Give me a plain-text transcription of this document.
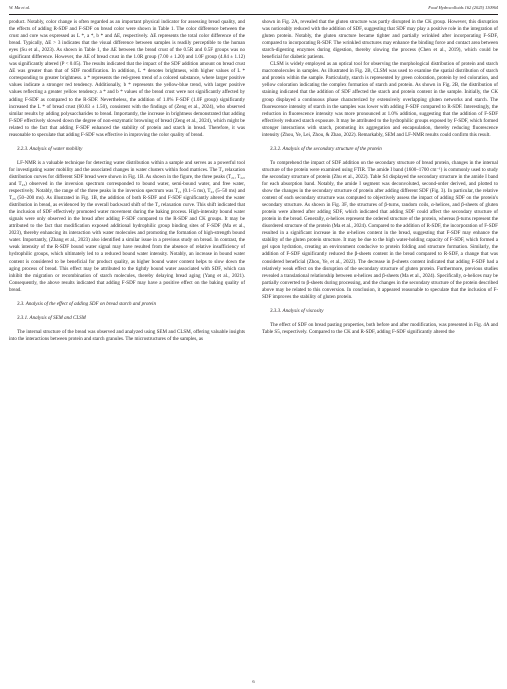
W. Ma et al.	Food Hydrocolloids 162 (2025) 110964

product. Notably, color change is often regarded as an important physical indicator for assessing bread quality, and the effects of adding R-SDF and F-SDF on bread color were shown in Table 1. The color difference between the crust and core was expressed as L *, a *, b * and ΔE, respectively. ΔE represents the total color difference of the bread. Typically, ΔE > 3 indicates that the visual difference between samples is readily perceptible to the human eyes (Su et al., 2023). As shown in Table 1, the ΔE between the bread crust of the 0.5R and 0.5F groups was no significant difference. However, the ΔE of bread crust in the 1.0R group (7.00 ± 1.20) and 1.0F group (4.84 ± 1.12) was significantly altered (P < 0.05). The results indicated that the impact of the SDF addition amount on bread crust ΔE was greater than that of SDF modification. In addition, L * denotes brightness, with higher values of L * corresponding to greater brightness. a * represents the red-green trend of a colored substance, where larger positive values indicate a stronger red tendency. Additionally, b * represents the yellow-blue trend, with larger positive values reflecting a greater yellow tendency. a * and b * values of the bread crust were not significantly affected by adding F-SDF as compared to the R-SDF. Nevertheless, the addition of 1.0% F-SDF (1.0F group) significantly increased the L * of bread crust (60.83 ± 1.50), consistent with the findings of (Zeng et al., 2024), who observed similar results by adding polysaccharides to bread. Importantly, the increase in brightness demonstrated that adding F-SDF effectively slowed down the degree of non-enzymatic browning of bread (Zeng et al., 2024), which might be related to the fact that adding F-SDF enhanced the stability of protein and starch in bread. Therefore, it was reasonable to speculate that adding F-SDF was effective in improving the color quality of bread.

3.2.3. Analysis of water mobility

LF-NMR is a valuable technique for detecting water distribution within a sample and serves as a powerful tool for investigating water mobility and the associated changes in water clusters within food matrices. The T₂ relaxation distribution curves for different SDF bread were shown in Fig. 1B. As shown in the figure, the three peaks (T₂₁, T₂₂, and T₂₃) observed in the inversion spectrum corresponded to bound water, semi-bound water, and free water, respectively. Notably, the range of the three peaks in the inversion spectrum was T₂₁ (0.1–5 ms), T₂₂ (5–50 ms) and T₂₃ (50–200 ms). As illustrated in Fig. 1B, the addition of both R-SDF and F-SDF significantly altered the water distribution in bread, as evidenced by the overall backward shift of the T₂ relaxation curve. This shift indicated that the inclusion of SDF effectively promoted water movement during the baking process. High-intensity bound water signals were only observed in the bread after adding F-SDF compared to the R-SDF and CK groups. It may be attributed to the fact that modification exposed additional hydrophilic group binding sites of F-SDF (Ma et al., 2023), thereby enhancing its interaction with water molecules and promoting the formation of high-strength bound water. Importantly, (Zhang et al., 2023) also identified a similar issue in a previous study on bread. In contrast, the weak intensity of the R-SDF bound water signal may have resulted from the absence of relative insufficiency of hydrophilic groups, which ultimately led to a reduced bound water intensity. Notably, an increase in bound water content is considered to be beneficial for product quality, as higher bound water content helps to slow down the aging process of bread. This effect may be attributed to the tightly bound water associated with SDF, which can inhibit the migration or recombination of starch molecules, thereby delaying bread aging (Yang et al., 2021). Consequently, the above results indicated that adding F-SDF may have a positive effect on the baking quality of bread.

3.3. Analysis of the effect of adding SDF on bread starch and protein

3.3.1. Analysis of SEM and CLSM

The internal structure of the bread was observed and analyzed using SEM and CLSM, offering valuable insights into the interactions between protein and starch granules. The microstructures of the samples, as

shown in Fig. 2A, revealed that the gluten structure was partly disrupted in the CK group. However, this disruption was noticeably reduced with the addition of SDF, suggesting that SDF may play a positive role in the integration of gluten protein. Notably, the gluten structure became tighter and partially wrinkled after incorporating F-SDF, compared to incorporating R-SDF. The wrinkled structures may enhance the binding force and contact area between starch-digesting enzymes during digestion, thereby slowing the process (Chen et al., 2019), which could be beneficial for diabetic patients.

CLSM is widely employed as an optical tool for observing the morphological distribution of protein and starch macromolecules in samples. As illustrated in Fig. 2B, CLSM was used to examine the spatial distribution of starch and protein within the sample. Particularly, starch is represented by green coloration, protein by red coloration, and yellow coloration indicating the complex formation of starch and protein. As shown in Fig. 2B, the distribution of staining indicated that the addition of SDF affected the starch and protein content in the sample. Initially, the CK group displayed a continuous phase characterized by extensively overlapping gluten networks and starch. The fluorescence intensity of starch in the samples was lower with adding F-SDF compared to R-SDF. Interestingly, the reduction in fluorescence intensity was more pronounced at 1.0% addition, suggesting that the addition of F-SDF effectively reduced starch exposure. It may be attributed to the hydrophilic groups exposed by F-SDF, which formed stronger interactions with starch, promoting its aggregation and encapsulation, thereby reducing fluorescence intensity (Zhou, Ye, Lei, Zhou, & Zhao, 2022). Remarkably, SEM and LF-NMR results could confirm this result.

3.3.2. Analysis of the secondary structure of the protein

To comprehend the impact of SDF addition on the secondary structure of bread protein, changes in the internal structure of the protein were examined using FTIR. The amide I band (1600–1700 cm⁻¹) is commonly used to study the secondary structure of protein (Zhu et al., 2022). Table S4 displayed the secondary structure in the amide I band for each absorption band. Notably, the amide I segment was deconvoluted, second-order derived, and plotted to show the changes in the secondary structure of protein after adding different SDF (Fig. 3). In particular, the relative content of each secondary structure was computed to objectively assess the impact of adding SDF on the protein's secondary structure. As shown in Fig. 3F, the structures of β-turns, random coils, α-helices, and β-sheets of gluten protein were altered after adding SDF, which indicated that adding SDF could affect the secondary structure of protein in the bread. Generally, α-helices represent the ordered structure of the protein, whereas β-turns represent the disordered structure of the protein (Ma et al., 2024). Compared to the addition of R-SDF, the incorporation of F-SDF resulted in a significant increase in the α-helices content in the bread, suggesting that F-SDF may enhance the stability of the gluten protein structure. It may be due to the high water-holding capacity of F-SDF, which formed a gel upon hydration, creating an environment conducive to protein folding and structure formation. Similarly, the addition of F-SDF significantly reduced the β-sheets content in the bread compared to R-SDF, a change that was considered beneficial (Zhou, Ye, et al., 2022). The decrease in β-sheets content indicated that adding F-SDF had a relatively weak effect on the disruption of the secondary structure of gluten protein. Furthermore, previous studies revealed a translational relationship between α-helices and β-sheets (Ma et al., 2024). Specifically, α-helices may be partially converted to β-sheets during processing, and the changes in the secondary structure of the protein described above may be related to this conversion. In conclusion, it appeared reasonable to speculate that the inclusion of F-SDF improves the stability of gluten protein.

3.3.3. Analysis of viscosity

The effect of SDF on bread pasting properties, both before and after modification, was presented in Fig. 4A and Table S5, respectively. Compared to the CK and R-SDF, adding F-SDF significantly altered the

6
